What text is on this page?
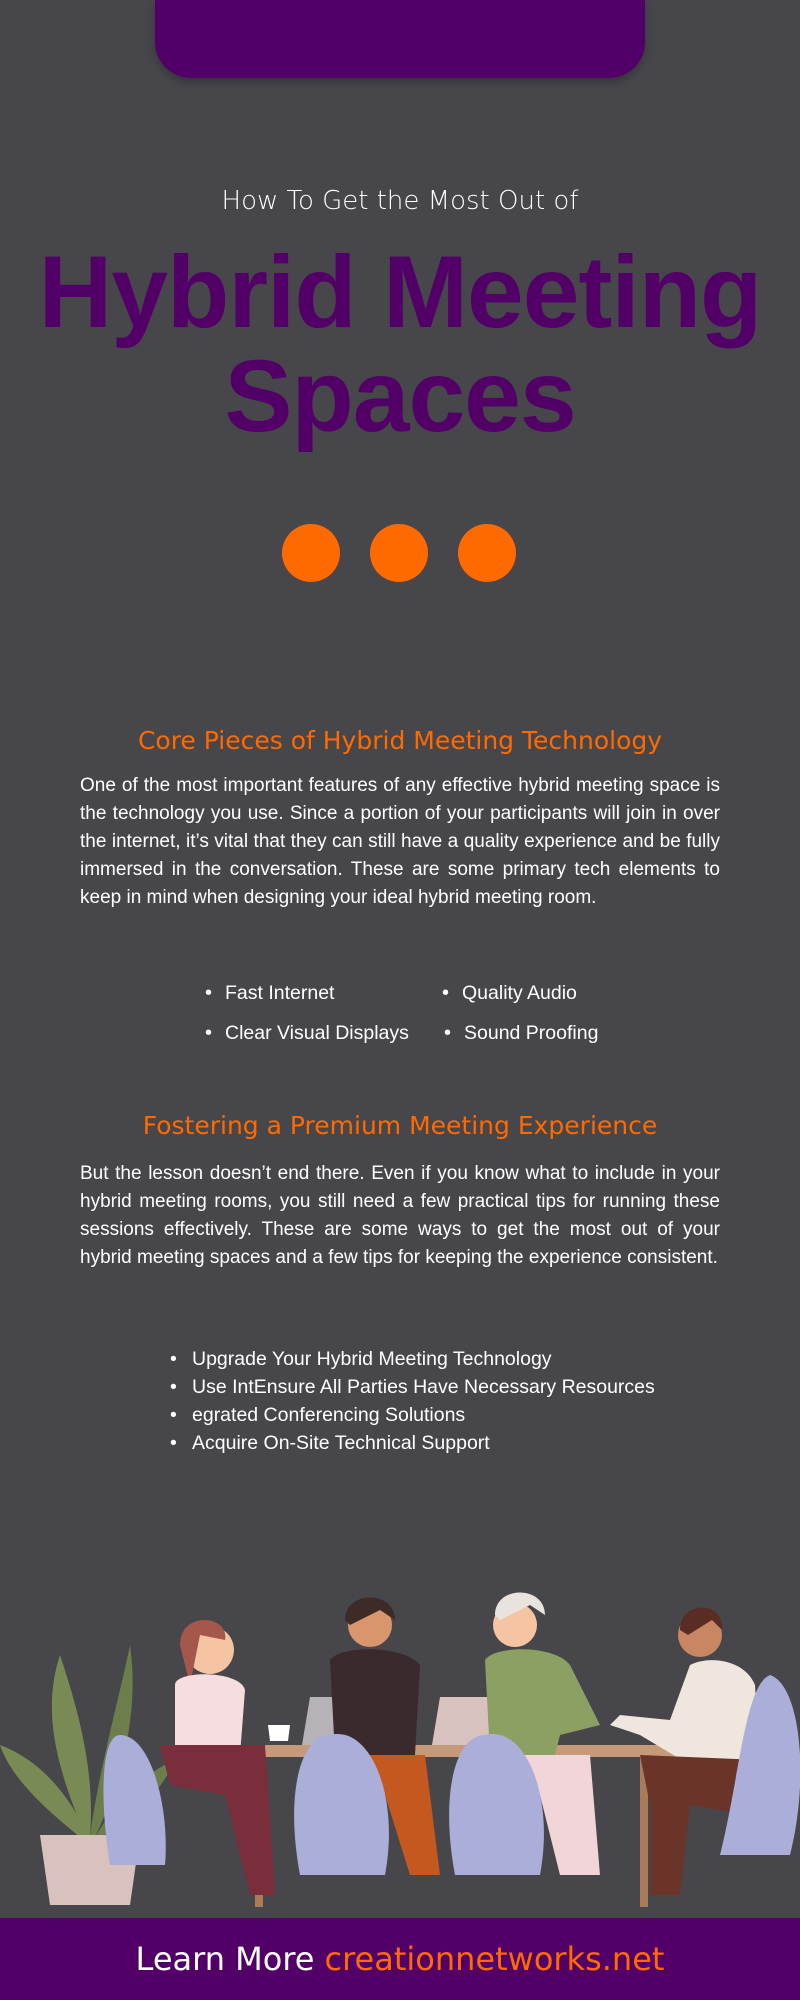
How To Get the Most Out of
Hybrid Meeting
Spaces
Core Pieces of Hybrid Meeting Technology
One of the most important features of any effective hybrid meeting space is the technology you use. Since a portion of your participants will join in over the internet, it’s vital that they can still have a quality experience and be fully immersed in the conversation. These are some primary tech elements to keep in mind when designing your ideal hybrid meeting room.
• Fast Internet	• Quality Audio
• Clear Visual Displays	• Sound Proofing
Fostering a Premium Meeting Experience
But the lesson doesn’t end there. Even if you know what to include in your hybrid meeting rooms, you still need a few practical tips for running these sessions effectively. These are some ways to get the most out of your hybrid meeting spaces and a few tips for keeping the experience consistent.
• Upgrade Your Hybrid Meeting Technology
• Use IntEnsure All Parties Have Necessary Resources
• egrated Conferencing Solutions
• Acquire On-Site Technical Support
Learn More creationnetworks.net
